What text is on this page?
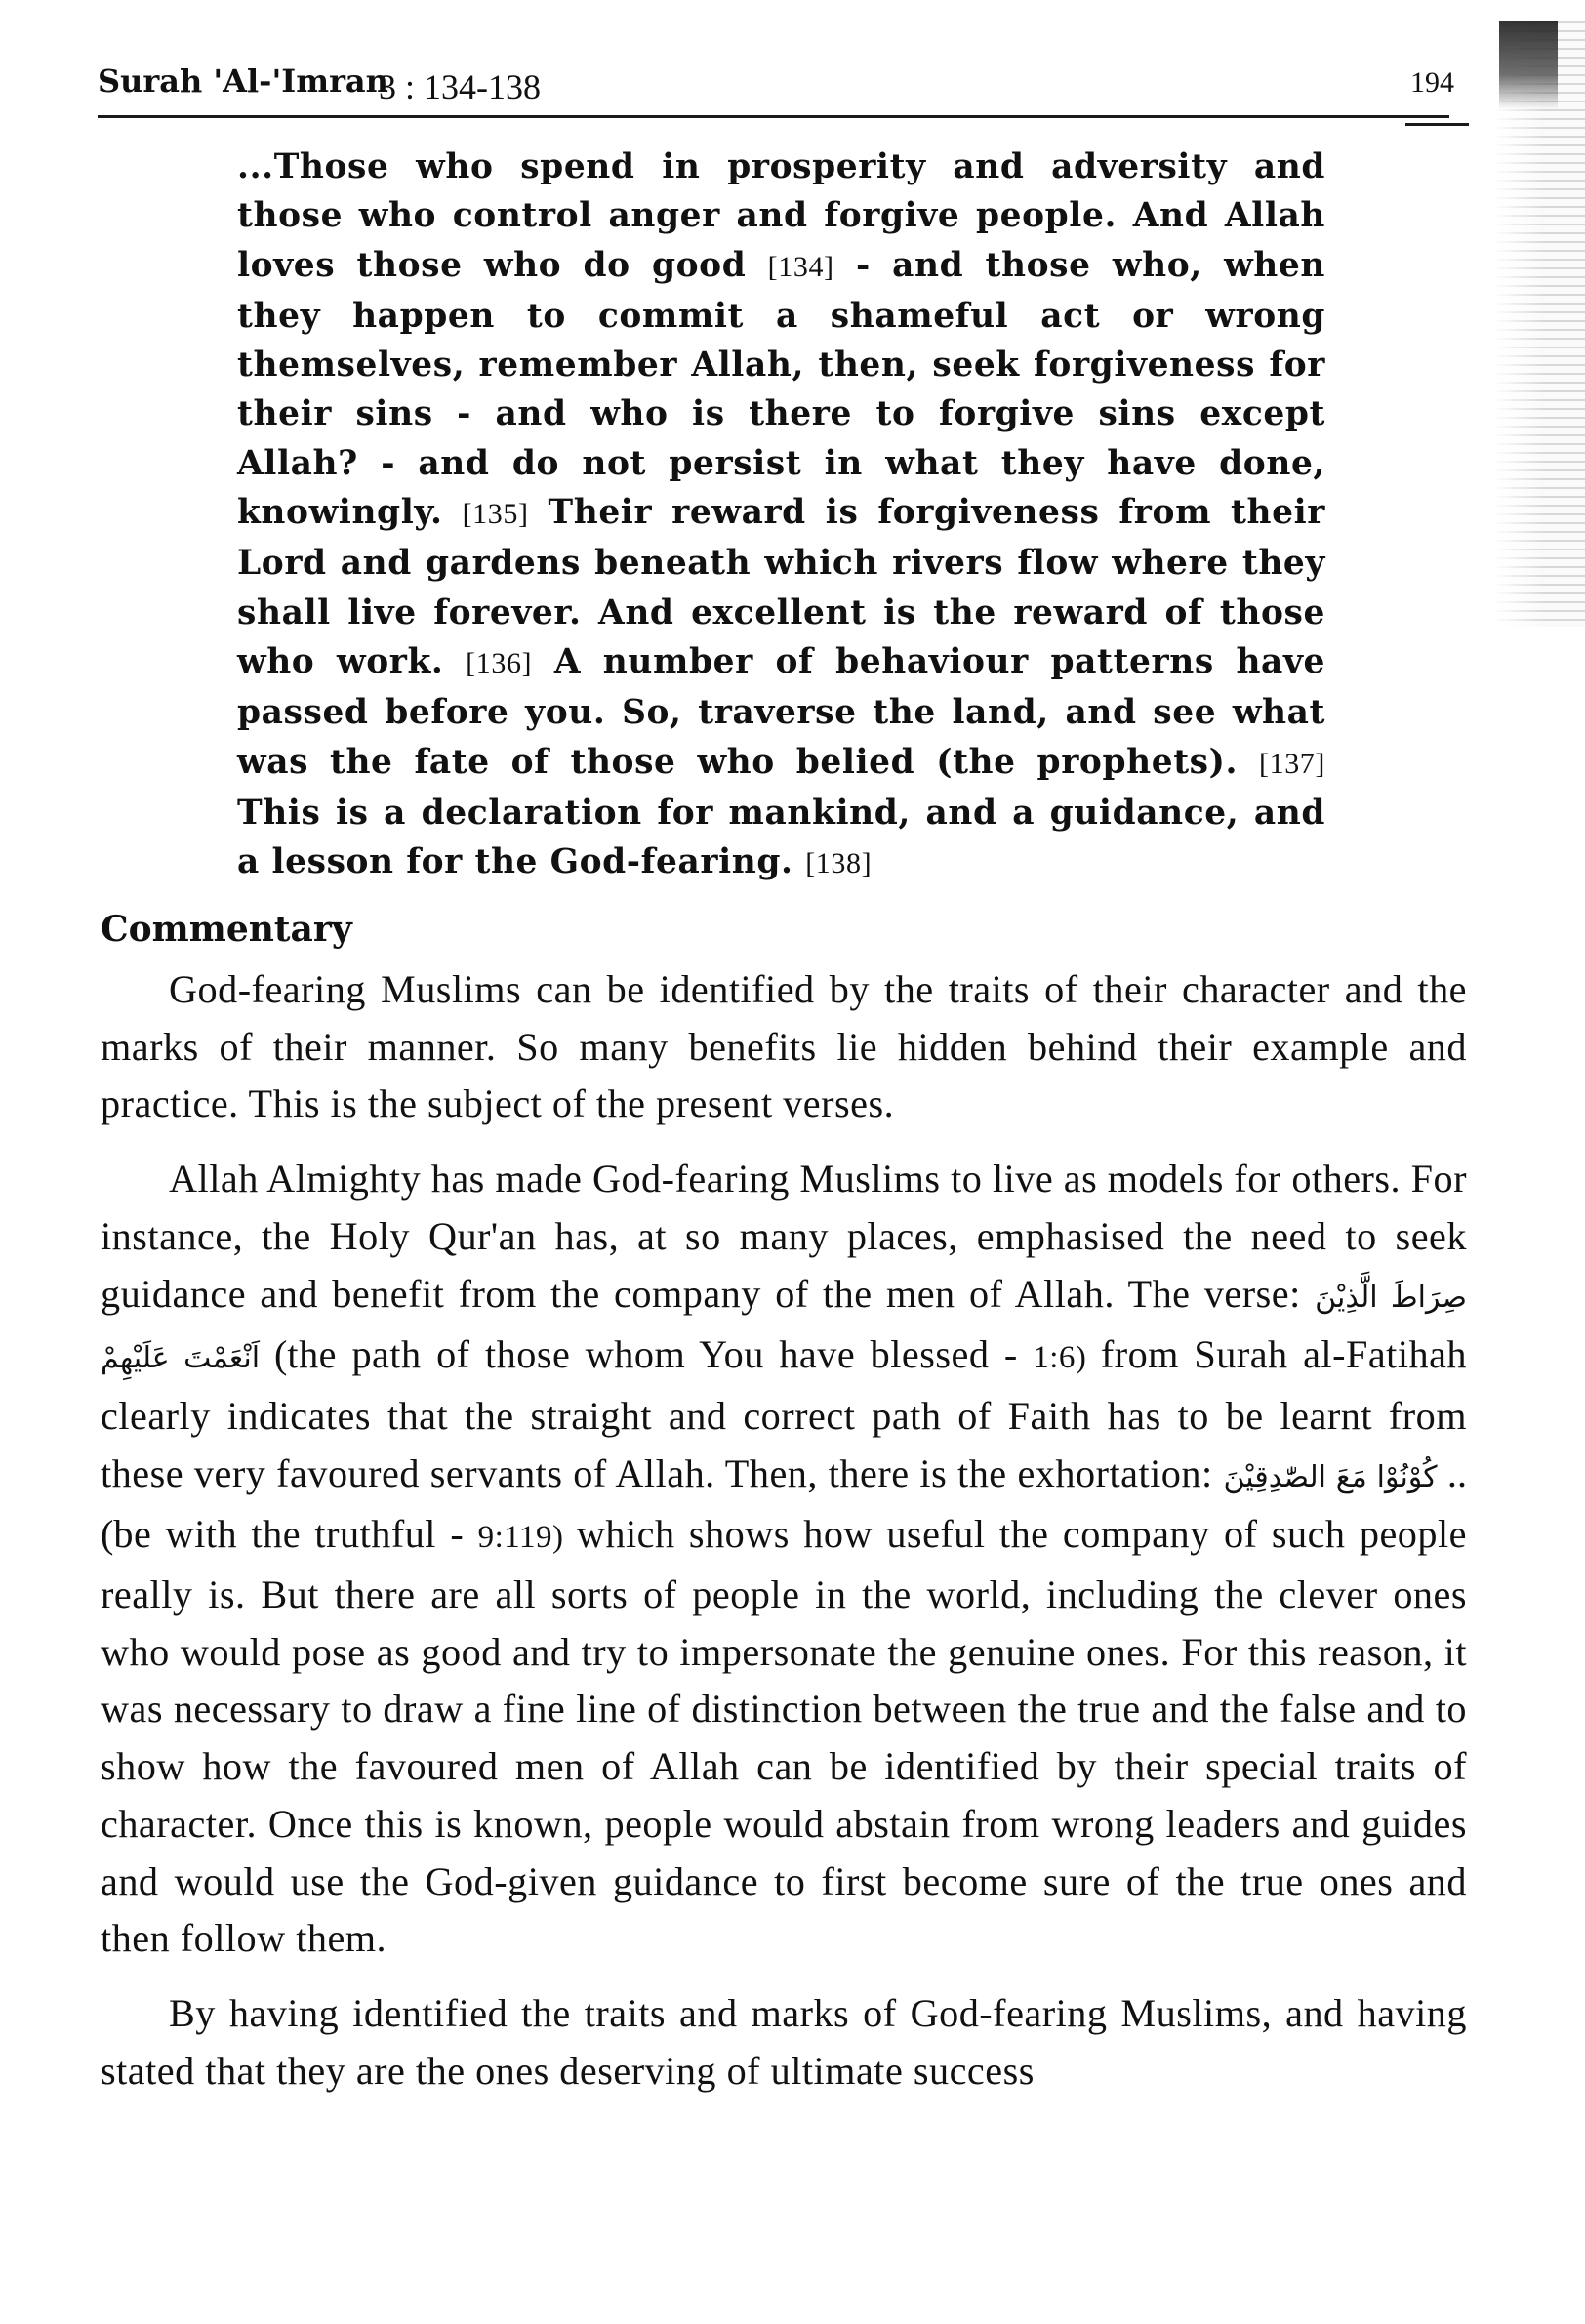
Surah 'Al-'Imran
3 : 134-138	194

...Those who spend in prosperity and adversity and those who control anger and forgive people. And Allah loves those who do good [134] - and those who, when they happen to commit a shameful act or wrong themselves, remember Allah, then, seek forgiveness for their sins - and who is there to forgive sins except Allah? - and do not persist in what they have done, knowingly. [135] Their reward is forgiveness from their Lord and gardens beneath which rivers flow where they shall live forever. And excellent is the reward of those who work. [136] A number of behaviour patterns have passed before you. So, traverse the land, and see what was the fate of those who belied (the prophets). [137] This is a declaration for mankind, and a guidance, and a lesson for the God-fearing. [138]

Commentary

God-fearing Muslims can be identified by the traits of their character and the marks of their manner. So many benefits lie hidden behind their example and practice. This is the subject of the present verses.

Allah Almighty has made God-fearing Muslims to live as models for others. For instance, the Holy Qur'an has, at so many places, emphasised the need to seek guidance and benefit from the company of the men of Allah. The verse: صِرَاطَ الَّذِيْنَ اَنْعَمْتَ عَلَيْهِمْ (the path of those whom You have blessed - 1:6) from Surah al-Fatihah clearly indicates that the straight and correct path of Faith has to be learnt from these very favoured servants of Allah. Then, there is the exhortation: كُوْنُوْا مَعَ الصّٰدِقِيْنَ .. (be with the truthful - 9:119) which shows how useful the company of such people really is. But there are all sorts of people in the world, including the clever ones who would pose as good and try to impersonate the genuine ones. For this reason, it was necessary to draw a fine line of distinction between the true and the false and to show how the favoured men of Allah can be identified by their special traits of character. Once this is known, people would abstain from wrong leaders and guides and would use the God-given guidance to first become sure of the true ones and then follow them.

By having identified the traits and marks of God-fearing Muslims, and having stated that they are the ones deserving of ultimate success
